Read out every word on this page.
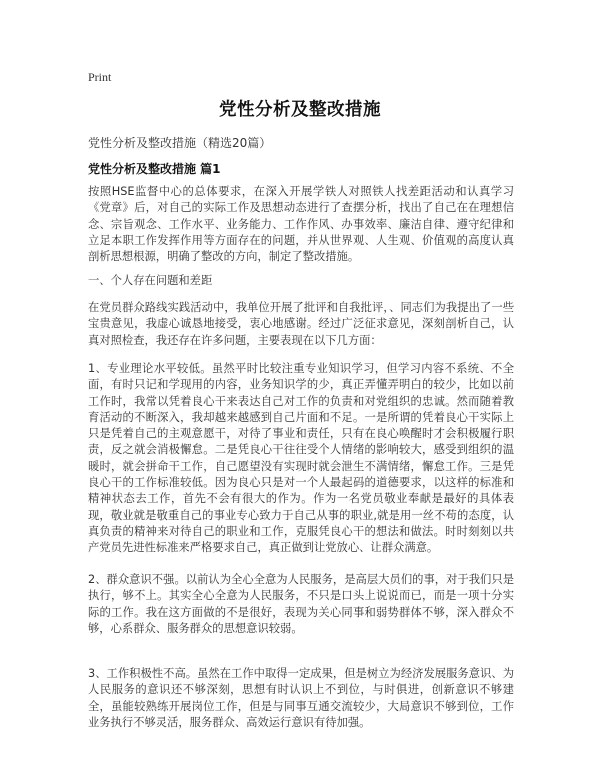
Print
党性分析及整改措施
党性分析及整改措施（精选20篇）
党性分析及整改措施 篇1

按照HSE监督中心的总体要求，在深入开展学铁人对照铁人找差距活动和认真学习《党章》后，对自己的实际工作及思想动态进行了查摆分析，找出了自己在在理想信念、宗旨观念、工作水平、业务能力、工作作风、办事效率、廉洁自律、遵守纪律和立足本职工作发挥作用等方面存在的问题，并从世界观、人生观、价值观的高度认真剖析思想根源，明确了整改的方向，制定了整改措施。

一、个人存在问题和差距

在党员群众路线实践活动中，我单位开展了批评和自我批评，、同志们为我提出了一些宝贵意见，我虚心诚恳地接受，衷心地感谢。经过广泛征求意见，深刻剖析自己，认真对照检查，我还存在许多问题，主要表现在以下几方面：

1、专业理论水平较低。虽然平时比较注重专业知识学习，但学习内容不系统、不全面，有时只记和学现用的内容，业务知识学的少，真正弄懂弄明白的较少，比如以前工作时，我常以凭着良心干来表达自己对工作的负责和对党组织的忠诚。然而随着教育活动的不断深入，我却越来越感到自己片面和不足。一是所谓的凭着良心干实际上只是凭着自己的主观意愿干，对待了事业和责任，只有在良心唤醒时才会积极履行职责，反之就会消极懈怠。二是凭良心干往往受个人情绪的影响较大，感受到组织的温暖时，就会拼命干工作，自己愿望没有实现时就会泄生不满情绪，懈怠工作。三是凭良心干的工作标准较低。因为良心只是对一个人最起码的道德要求，以这样的标准和精神状态去工作，首先不会有很大的作为。作为一名党员敬业奉献是最好的具体表现，敬业就是敬重自己的事业专心致力于自己从事的职业,就是用一丝不苟的态度，认真负责的精神来对待自己的职业和工作，克服凭良心干的想法和做法。时时刻刻以共产党员先进性标准来严格要求自己，真正做到让党放心、让群众满意。

2、群众意识不强。以前认为全心全意为人民服务，是高层大员们的事，对于我们只是执行，够不上。其实全心全意为人民服务，不只是口头上说说而已，而是一项十分实际的工作。我在这方面做的不是很好，表现为关心同事和弱势群体不够，深入群众不够，心系群众、服务群众的思想意识较弱。

3、工作积极性不高。虽然在工作中取得一定成果，但是树立为经济发展服务意识、为人民服务的意识还不够深刻，思想有时认识上不到位，与时俱进，创新意识不够建全，虽能较熟练开展岗位工作，但是与同事互通交流较少，大局意识不够到位，工作业务执行不够灵活，服务群众、高效运行意识有待加强。
